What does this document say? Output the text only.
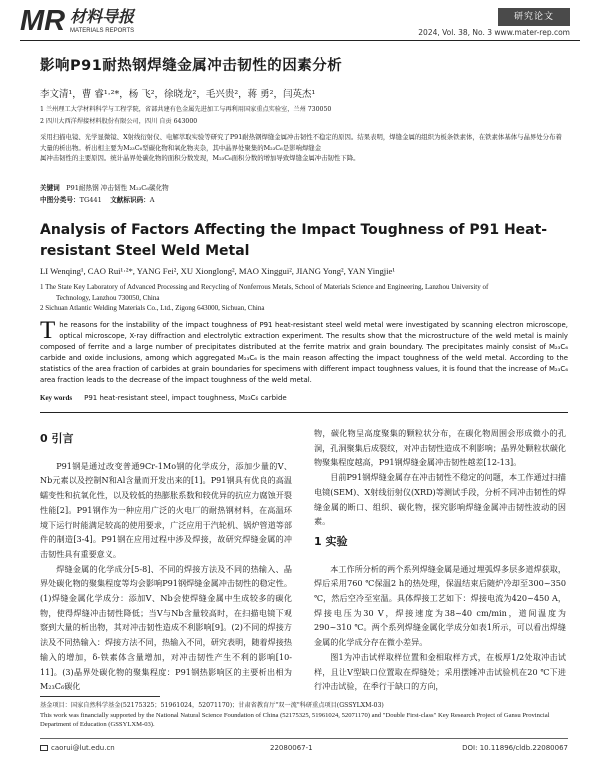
MR 材料导报
MATERIALS REPORTS
研究论文
2024, Vol. 38, No. 3 www.mater-rep.com
影响P91耐热钢焊缝金属冲击韧性的因素分析
李文清¹，曹 睿¹·²*，杨 飞²，徐晓龙²，毛兴贵²，蒋 勇²，闫英杰¹
1 兰州理工大学材料科学与工程学院，省部共建有色金属先进加工与再利用国家重点实验室，兰州 730050
2 四川大西洋焊接材料股份有限公司，四川 自贡 643000
采用扫描电镜、光学显微镜、X射线衍射仪、电解萃取实验等研究了P91耐热钢焊缝金属冲击韧性不稳定的原因。结果表明，焊缝金属的组织为板条铁素体，在铁素体基体与晶界处分布着大量的析出物。析出相主要为M₂₃C₆型碳化物和氧化物夹杂，其中晶界处聚集的M₂₃C₆是影响焊缝金
属冲击韧性的主要原因。统计晶界处碳化物的面积分数发现，M₂₃C₆面积分数的增加导致焊缝金属冲击韧性下降。
关键词 P91耐热钢 冲击韧性 M₂₃C₆碳化物
中图分类号：TG441 文献标识码：A
Analysis of Factors Affecting the Impact Toughness of P91 Heat-resistant Steel Weld Metal
LI Wenqing¹, CAO Rui¹·²*, YANG Fei², XU Xionglong², MAO Xinggui², JIANG Yong², YAN Yingjie¹
1 The State Key Laboratory of Advanced Processing and Recycling of Nonferrous Metals, School of Materials Science and Engineering, Lanzhou University of
Technology, Lanzhou 730050, China
2 Sichuan Atlantic Welding Materials Co., Ltd., Zigong 643000, Sichuan, China
The reasons for the instability of the impact toughness of P91 heat-resistant steel weld metal were investigated by scanning electron microscope, optical microscope, X-ray diffraction and electrolytic extraction experiment. The results show that the microstructure of the weld metal is mainly composed of ferrite and a large number of precipitates distributed at the ferrite matrix and grain boundary. The precipitates mainly consist of M₂₃C₆ carbide and oxide inclusions, among which aggregated M₂₃C₆ is the main reason affecting the impact toughness of the weld metal. According to the statistics of the area fraction of carbides at grain boundaries for specimens with different impact toughness values, it is found that the increase of M₂₃C₆ area fraction leads to the decrease of the impact toughness of the weld metal.
Key words P91 heat-resistant steel, impact toughness, M₂₃C₆ carbide
0 引言

P91钢是通过改变普通9Cr-1Mo钢的化学成分，添加少量的V、Nb元素以及控制N和Al含量而开发出来的[1]。P91钢具有优良的高温蠕变性和抗氧化性，以及较低的热膨胀系数和较优异的抗应力腐蚀开裂性能[2]。P91钢作为一种应用广泛的火电厂的耐热钢材料，在高温环境下运行时能满足较高的使用要求，广泛应用于汽轮机、锅炉管道等部件的制造[3-4]。P91钢在应用过程中涉及焊接，故研究焊缝金属的冲击韧性具有重要意义。

焊缝金属的化学成分[5-8]、不同的焊接方法及不同的热输入、晶界处碳化物的聚集程度等均会影响P91钢焊缝金属冲击韧性的稳定性。(1)焊缝金属化学成分：添加V、Nb会使焊缝金属中生成较多的碳化物，使得焊缝冲击韧性降低；当V与Nb含量较高时，在扫描电镜下观察到大量的析出物，其对冲击韧性造成不利影响[9]。(2)不同的焊接方法及不同热输入：焊接方法不同，热输入不同，研究表明，随着焊接热输入的增加，δ-铁素体含量增加，对冲击韧性产生不利的影响[10-11]。(3)晶界处碳化物的聚集程度：P91钢热影响区的主要析出相为M₂₃C₆碳化

物，碳化物呈高度聚集的颗粒状分布，在碳化物周围会形成微小的孔洞，孔洞聚集后成裂纹，对冲击韧性造成不利影响；晶界处颗粒状碳化物聚集程度越高，P91钢焊缝金属冲击韧性越差[12-13]。

目前P91钢焊缝金属存在冲击韧性不稳定的问题，本工作通过扫描电镜(SEM)、X射线衍射仪(XRD)等测试手段，分析不同冲击韧性的焊缝金属的断口、组织、碳化物，探究影响焊缝金属冲击韧性波动的因素。

1 实验

本工作所分析的两个系列焊缝金属是通过埋弧焊多层多道焊获取，焊后采用760 ℃保温2 h的热处理，保温结束后随炉冷却至300~350 ℃，然后空冷至室温。具体焊接工艺如下：焊接电流为420~450 A，焊接电压为30 V，焊接速度为38~40 cm/min，道间温度为290~310 ℃。两个系列焊缝金属化学成分如表1所示，可以看出焊缝金属的化学成分存在微小差异。

图1为冲击试样取样位置和金相取样方式，在板厚1/2处取冲击试样，且让V型缺口位置取在焊缝处；采用摆锤冲击试验机在20 ℃下进行冲击试验，在季行于缺口的方向，

基金项目：国家自然科学基金(52175325；51961024，52071170)；甘肃省教育厅"双一流"科研重点项目(GSSYLXM-03)
This work was financially supported by the National Natural Science Foundation of China (52175325, 51961024, 52071170) and "Double First-class" Key Research Project of Gansu Provincial Department of Education (GSSYLXM-03).
caorui@lut.edu.cn	22080067-1	DOI: 10.11896/cldb.22080067
